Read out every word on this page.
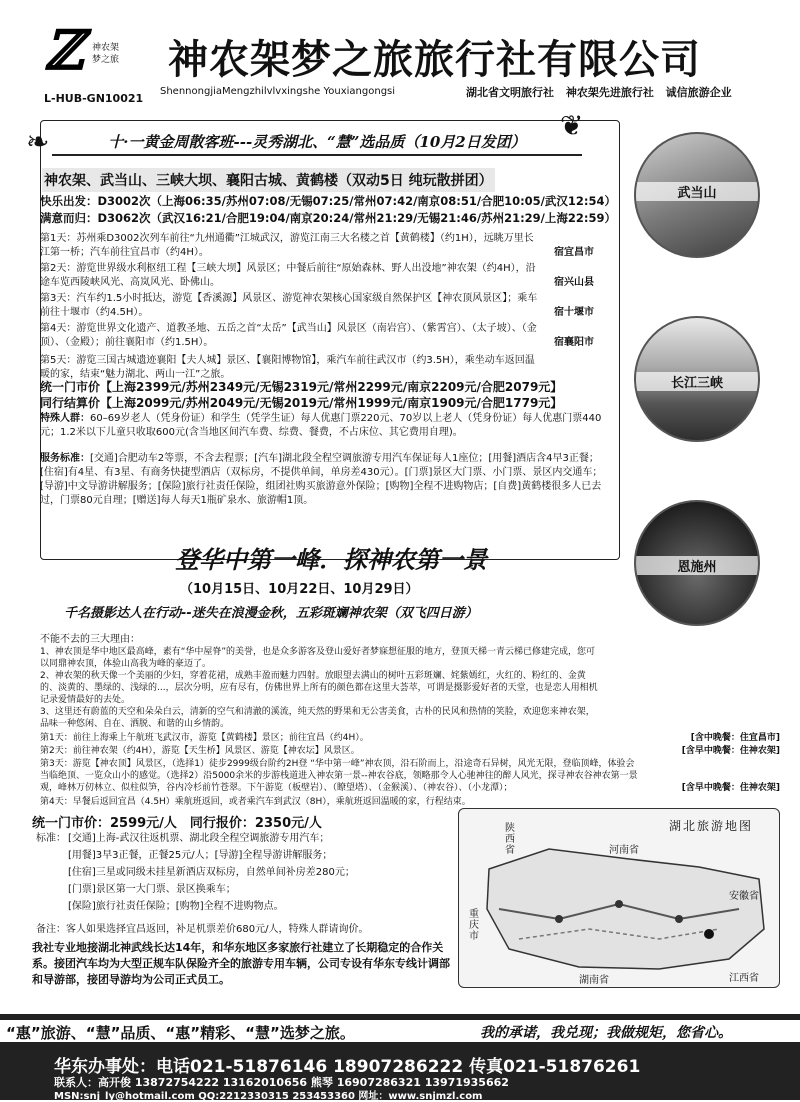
ℤ 神农架
梦之旅
L-HUB-GN10021
神农架梦之旅旅行社有限公司
ShennongjiaMengzhilvlvxingshe Youxiangongsi	湖北省文明旅行社 神农架先进旅行社 诚信旅游企业
十·一黄金周散客班---灵秀湖北、“慧”选品质（10月2日发团）	❦
❧
神农架、武当山、三峡大坝、襄阳古城、黄鹤楼（双动5日 纯玩散拼团）
快乐出发：D3002次（上海06:35/苏州07:08/无锡07:25/常州07:42/南京08:51/合肥10:05/武汉12:54）
满意而归：D3062次（武汉16:21/合肥19:04/南京20:24/常州21:29/无锡21:46/苏州21:29/上海22:59）
第1天：苏州乘D3002次列车前往“九州通衢”江城武汉，游览江南三大名楼之首【黄鹤楼】（约1H），远眺万里长江第一桥；汽车前往宜昌市（约4H）。	宿宜昌市
第2天：游览世界级水利枢纽工程【三峡大坝】风景区；中餐后前往“原始森林、野人出没地”神农架（约4H），沿途车览西陵峡风光、高岚风光、卧佛山。	宿兴山县
第3天：汽车约1.5小时抵达，游览【香溪源】风景区、游览神农架核心国家级自然保护区【神农顶风景区】；乘车前往十堰市（约4.5H）。	宿十堰市
第4天：游览世界文化遗产、道教圣地、五岳之首“太岳”【武当山】风景区（南岩宫）、（紫霄宫）、（太子坡）、（金顶）、（金殿）；前往襄阳市（约1.5H）。	宿襄阳市
第5天：游览三国古城遗迹襄阳【夫人城】景区、【襄阳博物馆】，乘汽车前往武汉市（约3.5H），乘坐动车返回温暖的家，结束“魅力湖北、两山一江”之旅。
统一门市价【上海2399元/苏州2349元/无锡2319元/常州2299元/南京2209元/合肥2079元】
同行结算价【上海2099元/苏州2049元/无锡2019元/常州1999元/南京1909元/合肥1779元】
特殊人群：60–69岁老人（凭身份证）和学生（凭学生证）每人优惠门票220元、70岁以上老人（凭身份证）每人优惠门票440元；1.2米以下儿童只收取600元(含当地区间汽车费、综费、餐费，不占床位、其它费用自理)。
服务标准：[交通]合肥动车2等票，不含去程票；[汽车]湖北段全程空调旅游专用汽车保证每人1座位；[用餐]酒店含4早3正餐；[住宿]有4星、有3星、有商务快捷型酒店（双标房，不提供单间，单房差430元）。[门票]景区大门票、小门票、景区内交通车；[导游]中文导游讲解服务；[保险]旅行社责任保险，组团社购买旅游意外保险；[购物]全程不进购物店；[自费]黄鹤楼很多人已去过，门票80元自理；[赠送]每人每天1瓶矿泉水、旅游帽1顶。
武当山
长江三峡
恩施州
登华中第一峰．探神农第一景
（10月15日、10月22日、10月29日）
千名摄影达人在行动--迷失在浪漫金秋，五彩斑斓神农架（双飞四日游）
不能不去的三大理由：
1、神农顶是华中地区最高峰，素有“华中屋脊”的美誉，也是众多游客及登山爱好者梦寐想征服的地方，登顶天梯一青云梯已修建完成，您可以同鼎神农顶，体验山高我为峰的豪迈了。
2、神农架的秋天像一个美丽的少妇，穿着花裙，成熟丰盈而魅力四射。放眼望去满山的树叶五彩斑斓、姹紫嫣红，火红的、粉红的、金黄的、淡黄的、墨绿的、浅绿的...，层次分明，应有尽有，仿佛世界上所有的颜色都在这里大荟萃，可谓是摄影爱好者的天堂，也是恋人用相机记录爱情最好的去处。
3、这里还有蔚蓝的天空和朵朵白云，清新的空气和清澈的溪流，纯天然的野果和无公害美食，古朴的民风和热情的笑脸，欢迎您来神农架，品味一种悠闲、自在、洒脱、和谐的山乡情韵。
第1天：前往上海乘上午航班飞武汉市，游览【黄鹤楼】景区；前往宜昌（约4H）。	[含中晚餐：住宜昌市]
第2天：前往神农架（约4H），游览【天生桥】风景区、游览【神农坛】风景区。	[含早中晚餐：住神农架]
第3天：游览【神农顶】风景区，（选择1）徒步2999级台阶约2H登 “华中第一峰”神农顶，沿石阶而上，沿途奇石异树，风光无限，登临顶峰，体验会当临绝顶、一览众山小的感觉。（选择2）沿5000余米的步游栈道进入神农第一景--神农谷底，领略那令人心驰神往的醉人风光，探寻神农谷神农第一景观，峰林万仞林立、似柱似笋，谷内冷杉前竹苍翠。下午游览（板壁岩）、（瞭望塔）、（金猴溪）、（神农谷）、（小龙潭）；	[含早中晚餐：住神农架]
第4天：早餐后返回宜昌（4.5H）乘航班返回，或者乘汽车到武汉（8H），乘航班返回温暖的家，行程结束。
统一门市价：2599元/人　同行报价：2350元/人
标准： [交通]上海-武汉往返机票、湖北段全程空调旅游专用汽车；
[用餐]3早3正餐，正餐25元/人；[导游]全程导游讲解服务；
[住宿]三星或同级未挂星新酒店双标房，自然单间补房差280元；
[门票]景区第一大门票、景区换乘车；
[保险]旅行社责任保险；[购物]全程不进购物点。
备注：客人如果选择宜昌返回，补足机票差价680元/人，特殊人群请询价。
我社专业地接湖北神武线长达14年，和华东地区多家旅行社建立了长期稳定的合作关系。接团汽车均为大型正规车队保险齐全的旅游专用车辆，公司专设有华东专线计调部和导游部，接团导游均为公司正式员工。
湖北旅游地图
陕西省	河南省
安徽省
重庆市
湖南省	江西省
华东办事处：电话021-51876146 18907286222 传真021-51876261
“惠”旅游、“慧”品质、“惠”精彩、“慧”选梦之旅。	我的承诺，我兑现；我做规矩，您省心。
联系人：高开俊 13872754222 13162010656 熊琴 16907286321 13971935662
MSN:snj_ly@hotmail.com QQ:2212330315 253453360 网址：www.snjmzl.com
